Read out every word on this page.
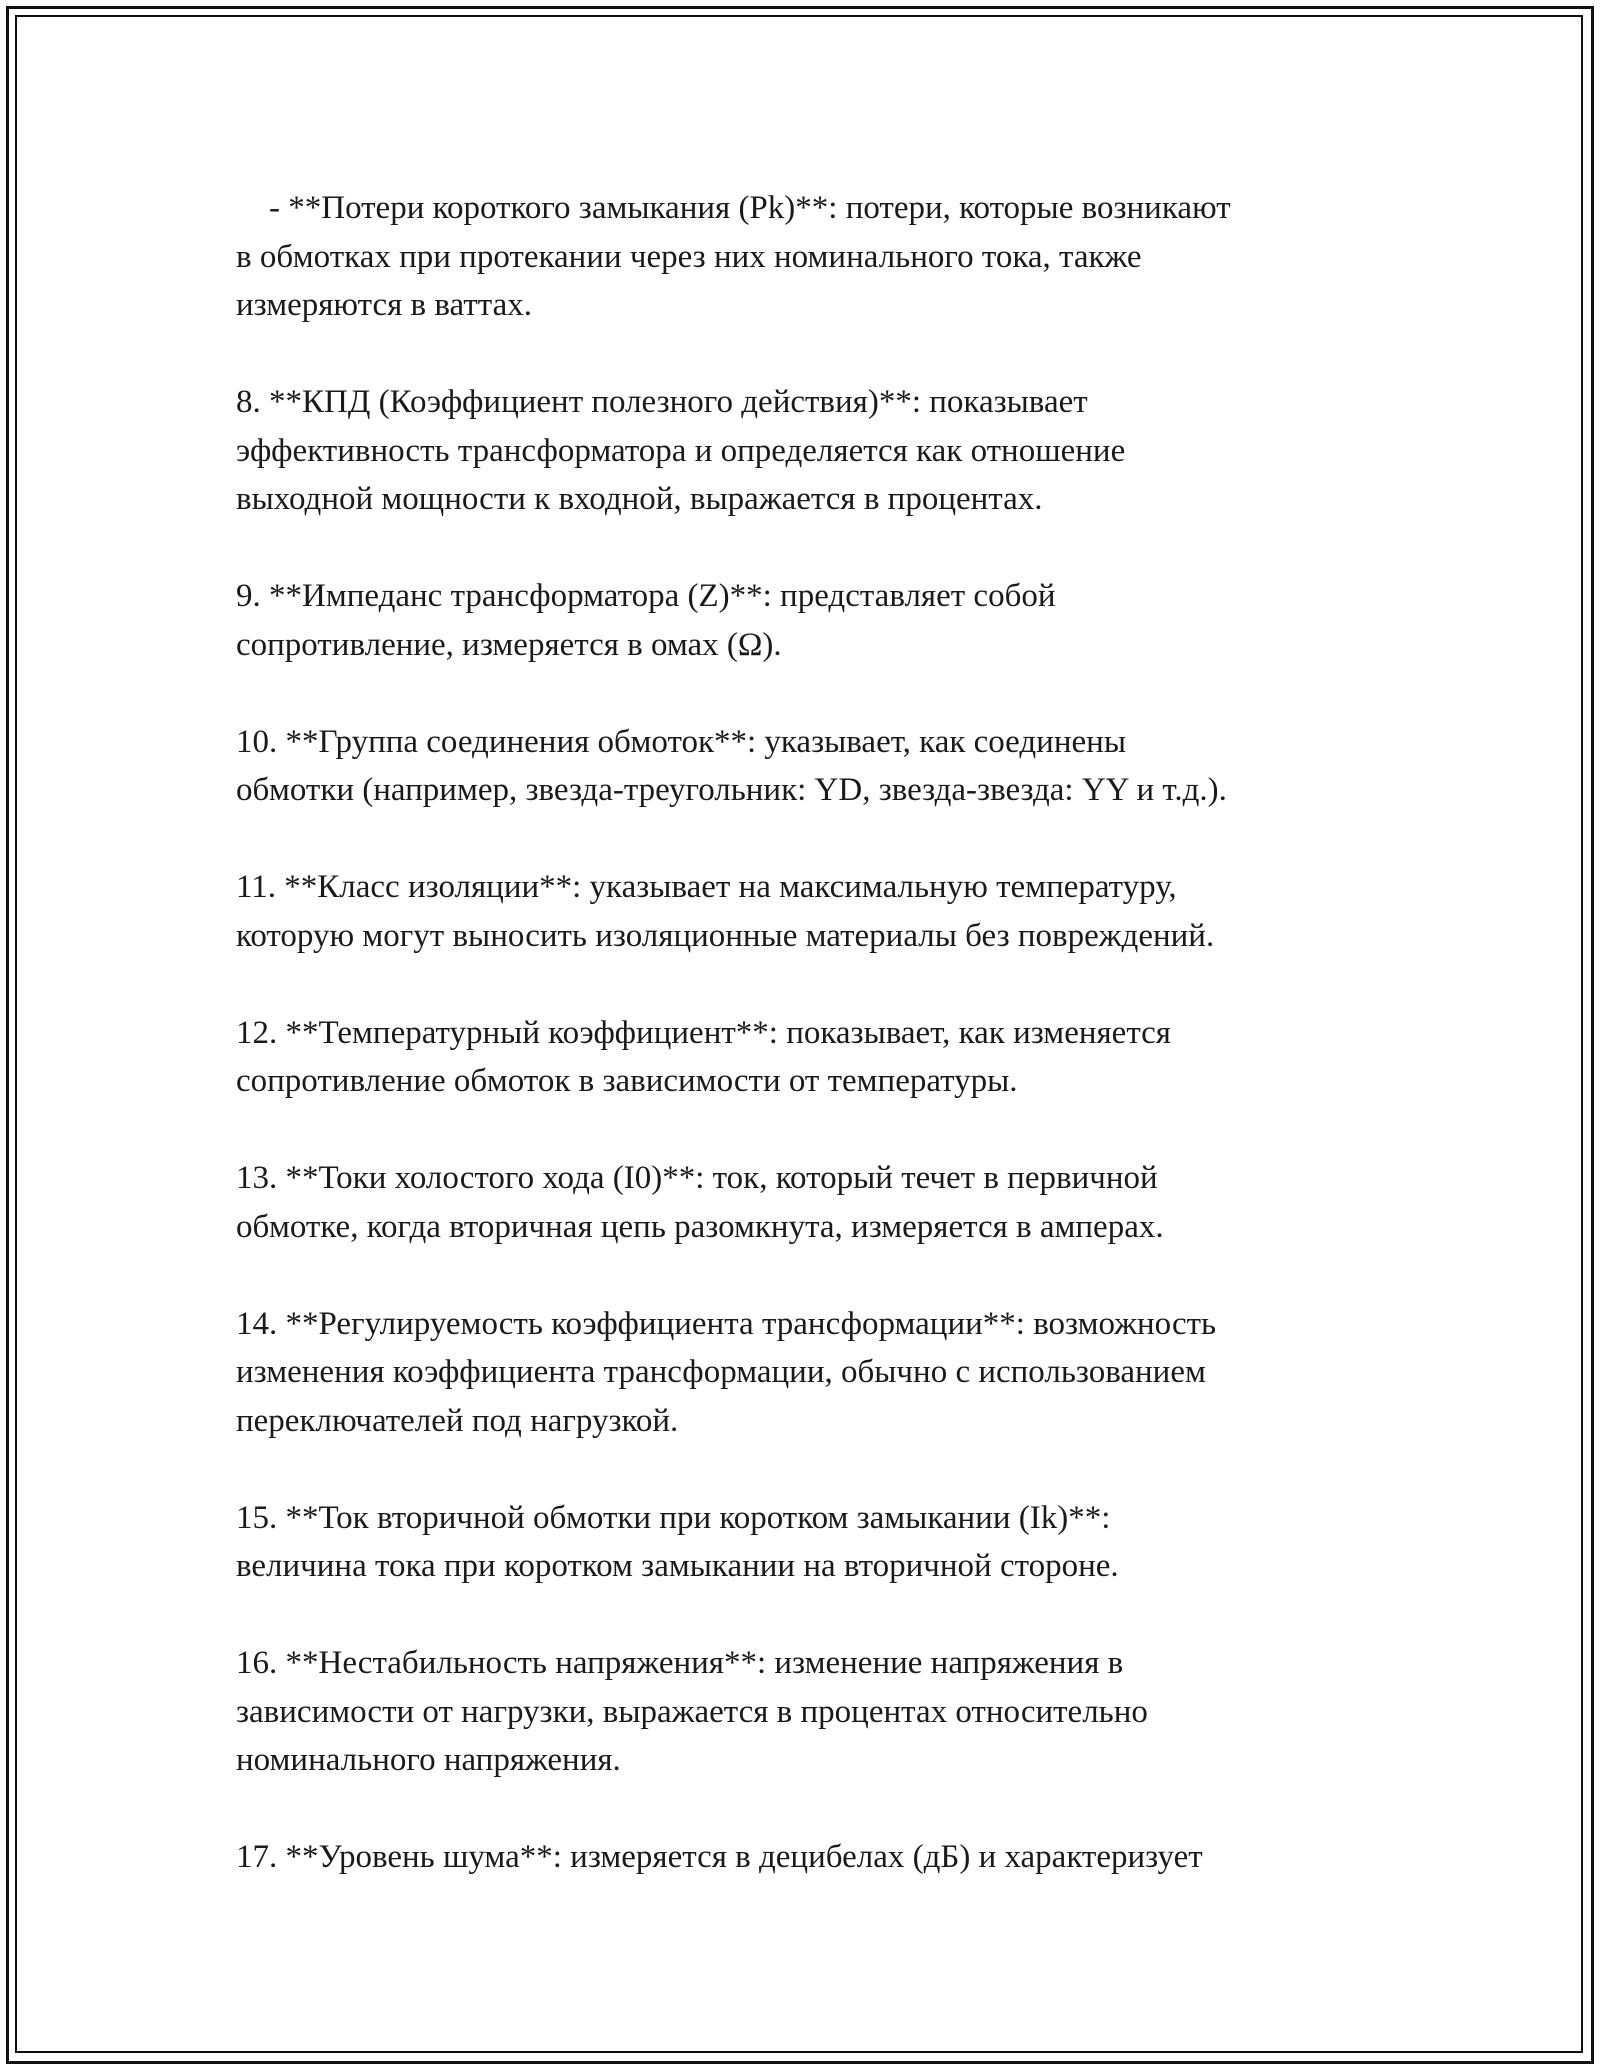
- **Потери короткого замыкания (Pk)**: потери, которые возникают
в обмотках при протекании через них номинального тока, также
измеряются в ваттах.
8. **КПД (Коэффициент полезного действия)**: показывает
эффективность трансформатора и определяется как отношение
выходной мощности к входной, выражается в процентах.
9. **Импеданс трансформатора (Z)**: представляет собой
сопротивление, измеряется в омах (Ω).
10. **Группа соединения обмоток**: указывает, как соединены
обмотки (например, звезда-треугольник: YD, звезда-звезда: YY и т.д.).
11. **Класс изоляции**: указывает на максимальную температуру,
которую могут выносить изоляционные материалы без повреждений.
12. **Температурный коэффициент**: показывает, как изменяется
сопротивление обмоток в зависимости от температуры.
13. **Токи холостого хода (I0)**: ток, который течет в первичной
обмотке, когда вторичная цепь разомкнута, измеряется в амперах.
14. **Регулируемость коэффициента трансформации**: возможность
изменения коэффициента трансформации, обычно с использованием
переключателей под нагрузкой.
15. **Ток вторичной обмотки при коротком замыкании (Ik)**:
величина тока при коротком замыкании на вторичной стороне.
16. **Нестабильность напряжения**: изменение напряжения в
зависимости от нагрузки, выражается в процентах относительно
номинального напряжения.
17. **Уровень шума**: измеряется в децибелах (дБ) и характеризует
